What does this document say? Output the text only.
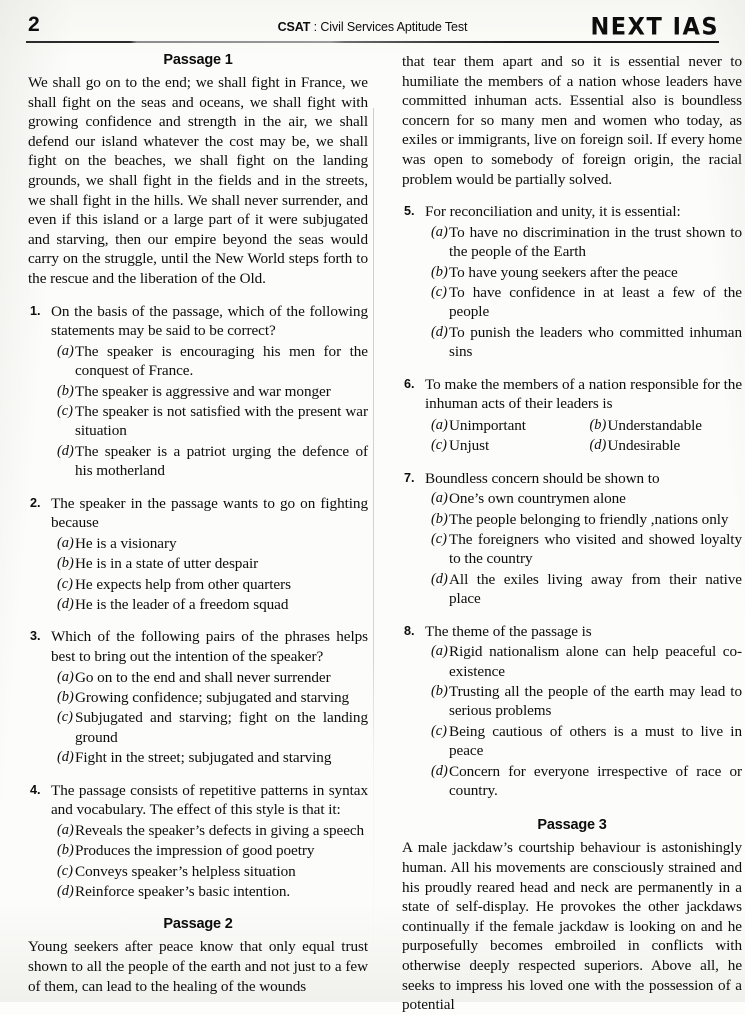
2	CSAT : Civil Services Aptitude Test	NEXT IAS
Passage 1

We shall go on to the end; we shall fight in France, we shall fight on the seas and oceans, we shall fight with growing confidence and strength in the air, we shall defend our island whatever the cost may be, we shall fight on the beaches, we shall fight on the landing grounds, we shall fight in the fields and in the streets, we shall fight in the hills. We shall never surrender, and even if this island or a large part of it were subjugated and starving, then our empire beyond the seas would carry on the struggle, until the New World steps forth to the rescue and the liberation of the Old.

1. On the basis of the passage, which of the following statements may be said to be correct?
(a) The speaker is encouraging his men for the conquest of France.
(b) The speaker is aggressive and war monger
(c) The speaker is not satisfied with the present war situation
(d) The speaker is a patriot urging the defence of his motherland
2. The speaker in the passage wants to go on fighting because
(a) He is a visionary
(b) He is in a state of utter despair
(c) He expects help from other quarters
(d) He is the leader of a freedom squad
3. Which of the following pairs of the phrases helps best to bring out the intention of the speaker?
(a) Go on to the end and shall never surrender
(b) Growing confidence; subjugated and starving
(c) Subjugated and starving; fight on the landing ground
(d) Fight in the street; subjugated and starving
4. The passage consists of repetitive patterns in syntax and vocabulary. The effect of this style is that it:
(a) Reveals the speaker’s defects in giving a speech
(b) Produces the impression of good poetry
(c) Conveys speaker’s helpless situation
(d) Reinforce speaker’s basic intention.
Passage 2

Young seekers after peace know that only equal trust shown to all the people of the earth and not just to a few of them, can lead to the healing of the wounds

that tear them apart and so it is essential never to humiliate the members of a nation whose leaders have committed inhuman acts. Essential also is boundless concern for so many men and women who today, as exiles or immigrants, live on foreign soil. If every home was open to somebody of foreign origin, the racial problem would be partially solved.

5. For reconciliation and unity, it is essential:
(a) To have no discrimination in the trust shown to the people of the Earth
(b) To have young seekers after the peace
(c) To have confidence in at least a few of the people
(d) To punish the leaders who committed inhuman sins
6. To make the members of a nation responsible for the inhuman acts of their leaders is
(a) Unimportant	(b) Understandable
(c) Unjust	(d) Undesirable
7. Boundless concern should be shown to
(a) One’s own countrymen alone
(b) The people belonging to friendly ,nations only
(c) The foreigners who visited and showed loyalty to the country
(d) All the exiles living away from their native place
8. The theme of the passage is
(a) Rigid nationalism alone can help peaceful co-existence
(b) Trusting all the people of the earth may lead to serious problems
(c) Being cautious of others is a must to live in peace
(d) Concern for everyone irrespective of race or country.
Passage 3

A male jackdaw’s courtship behaviour is astonishingly human. All his movements are consciously strained and his proudly reared head and neck are permanently in a state of self-display. He provokes the other jackdaws continually if the female jackdaw is looking on and he purposefully becomes embroiled in conflicts with otherwise deeply respected superiors. Above all, he seeks to impress his loved one with the possession of a potential
